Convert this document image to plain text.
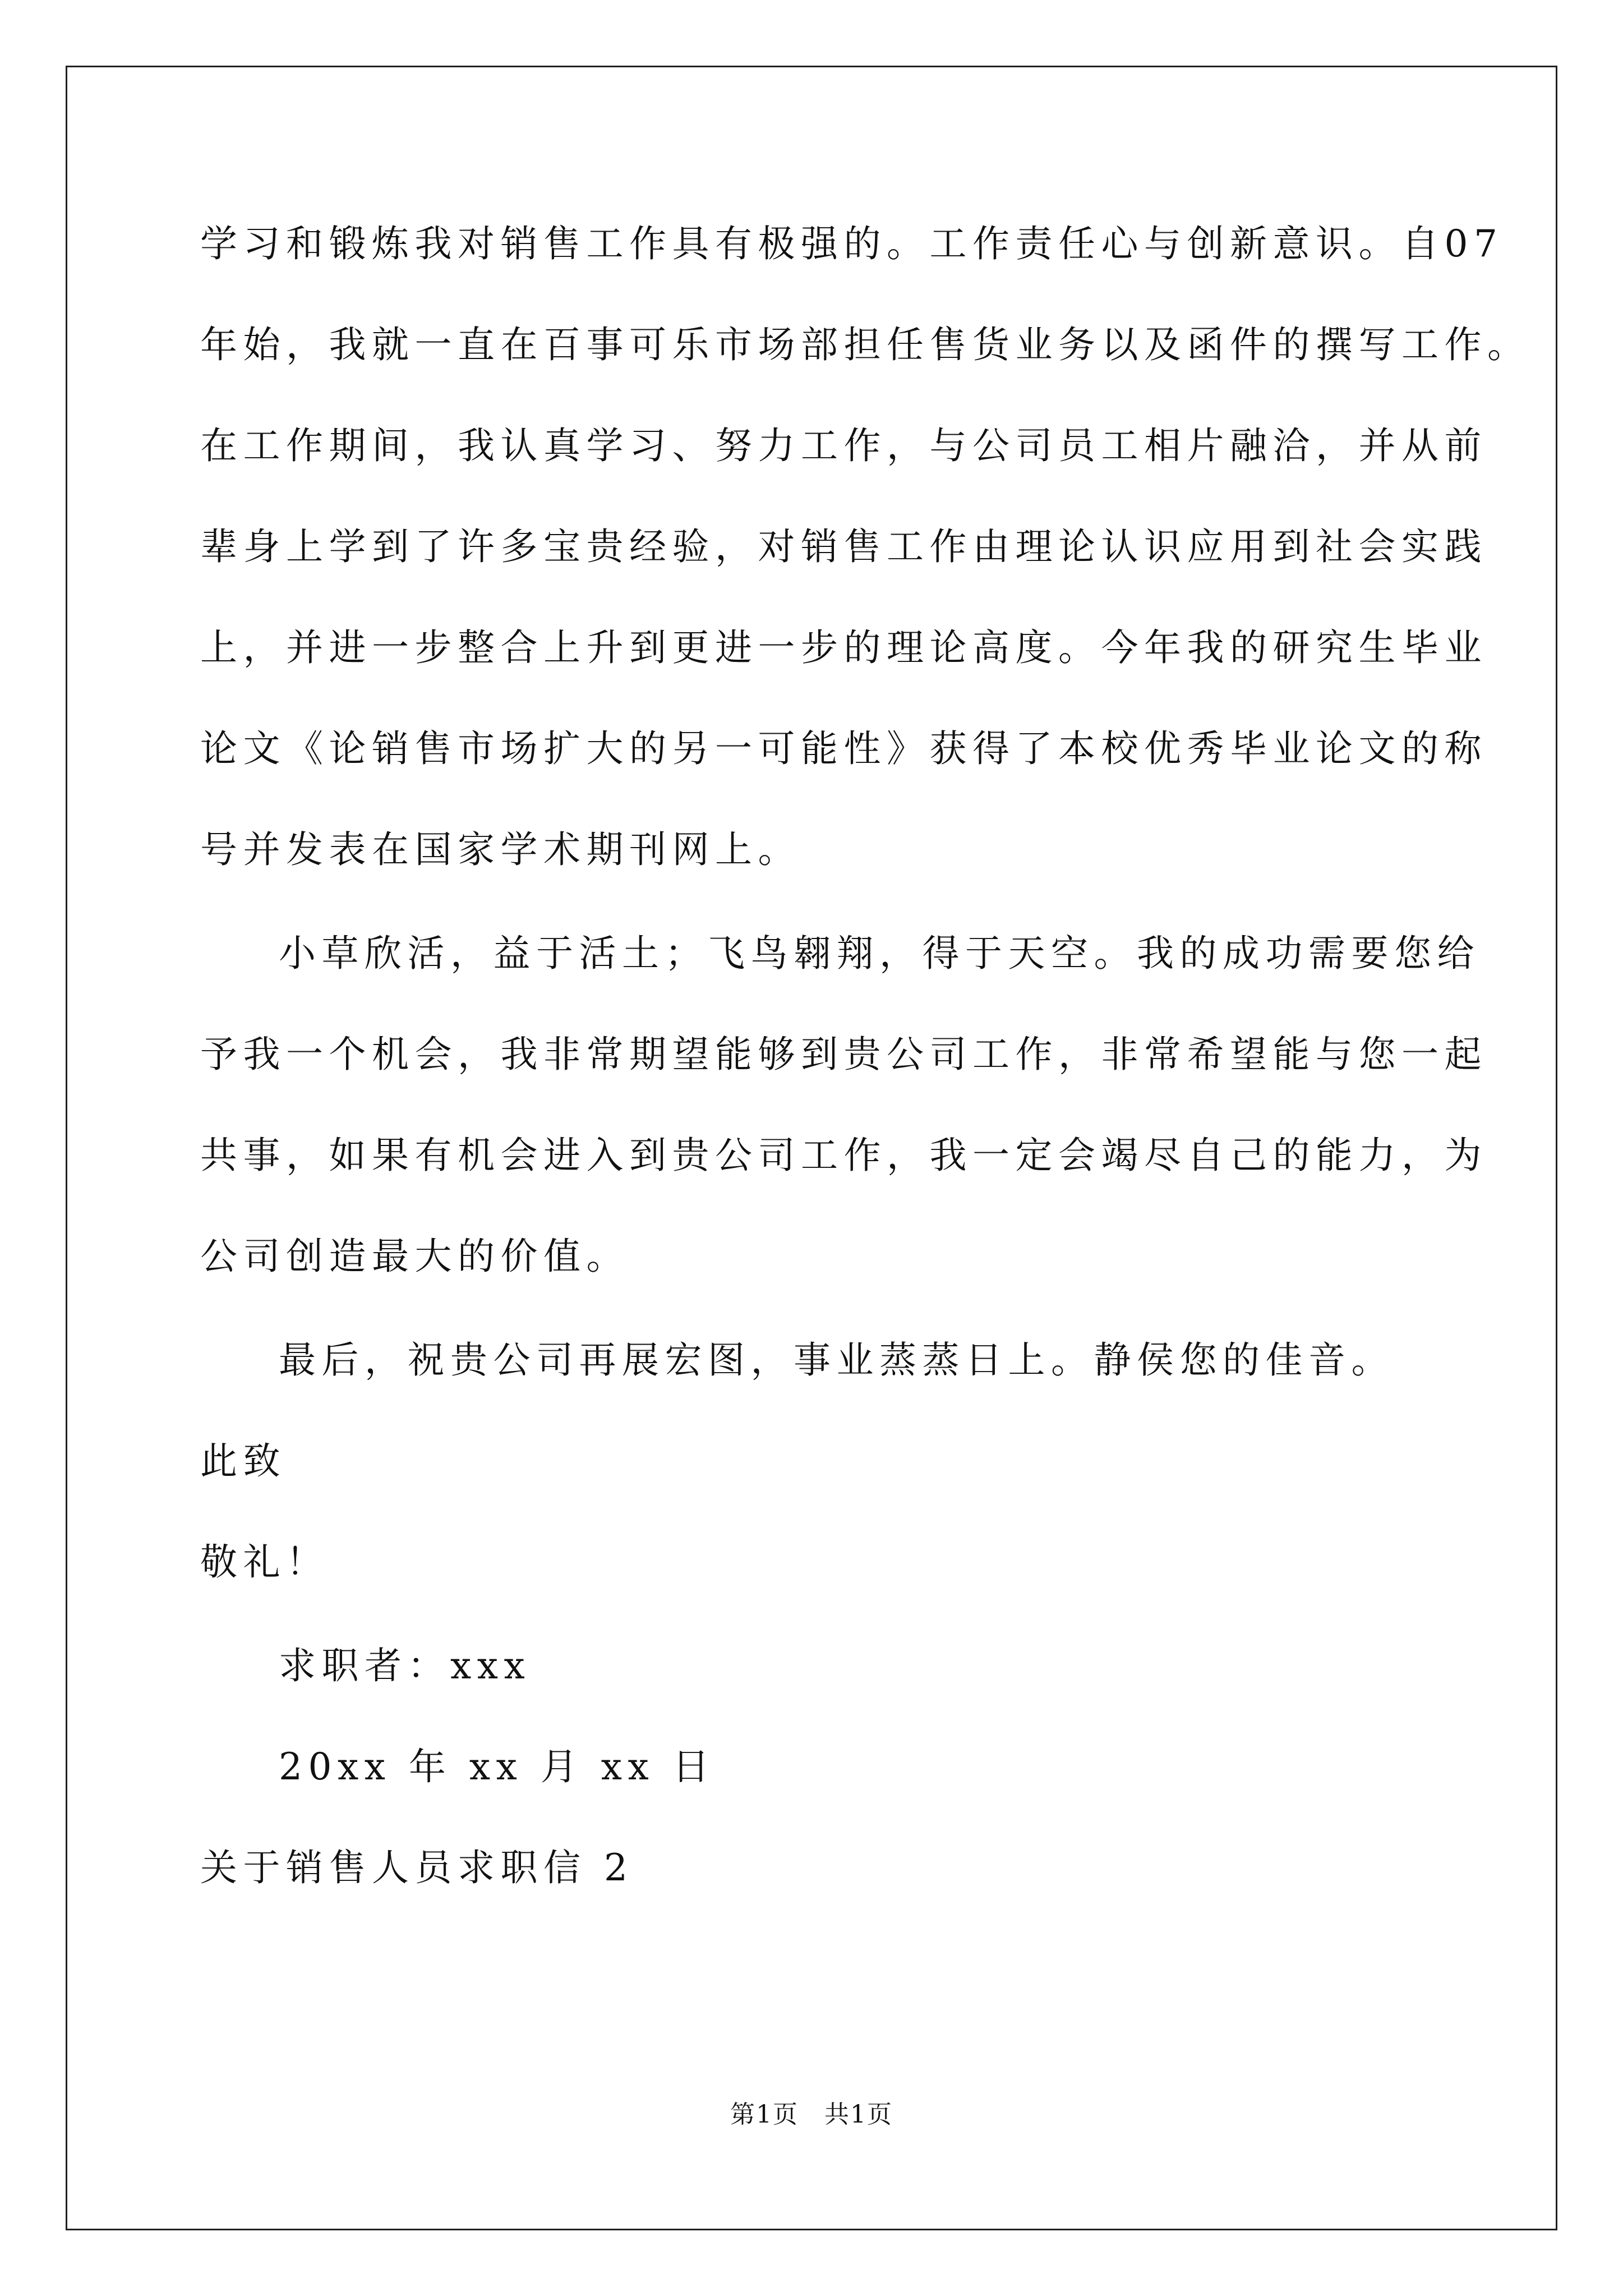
学习和锻炼我对销售工作具有极强的。工作责任心与创新意识。自07
年始，我就一直在百事可乐市场部担任售货业务以及函件的撰写工作。
在工作期间，我认真学习、努力工作，与公司员工相片融洽，并从前
辈身上学到了许多宝贵经验，对销售工作由理论认识应用到社会实践
上，并进一步整合上升到更进一步的理论高度。今年我的研究生毕业
论文《论销售市场扩大的另一可能性》获得了本校优秀毕业论文的称
号并发表在国家学术期刊网上。
小草欣活，益于活土；飞鸟翱翔，得于天空。我的成功需要您给
予我一个机会，我非常期望能够到贵公司工作，非常希望能与您一起
共事，如果有机会进入到贵公司工作，我一定会竭尽自己的能力，为
公司创造最大的价值。
最后，祝贵公司再展宏图，事业蒸蒸日上。静侯您的佳音。
此致
敬礼！
求职者：xxx
20xx 年 xx 月 xx 日
关于销售人员求职信 2
第1页　共1页
